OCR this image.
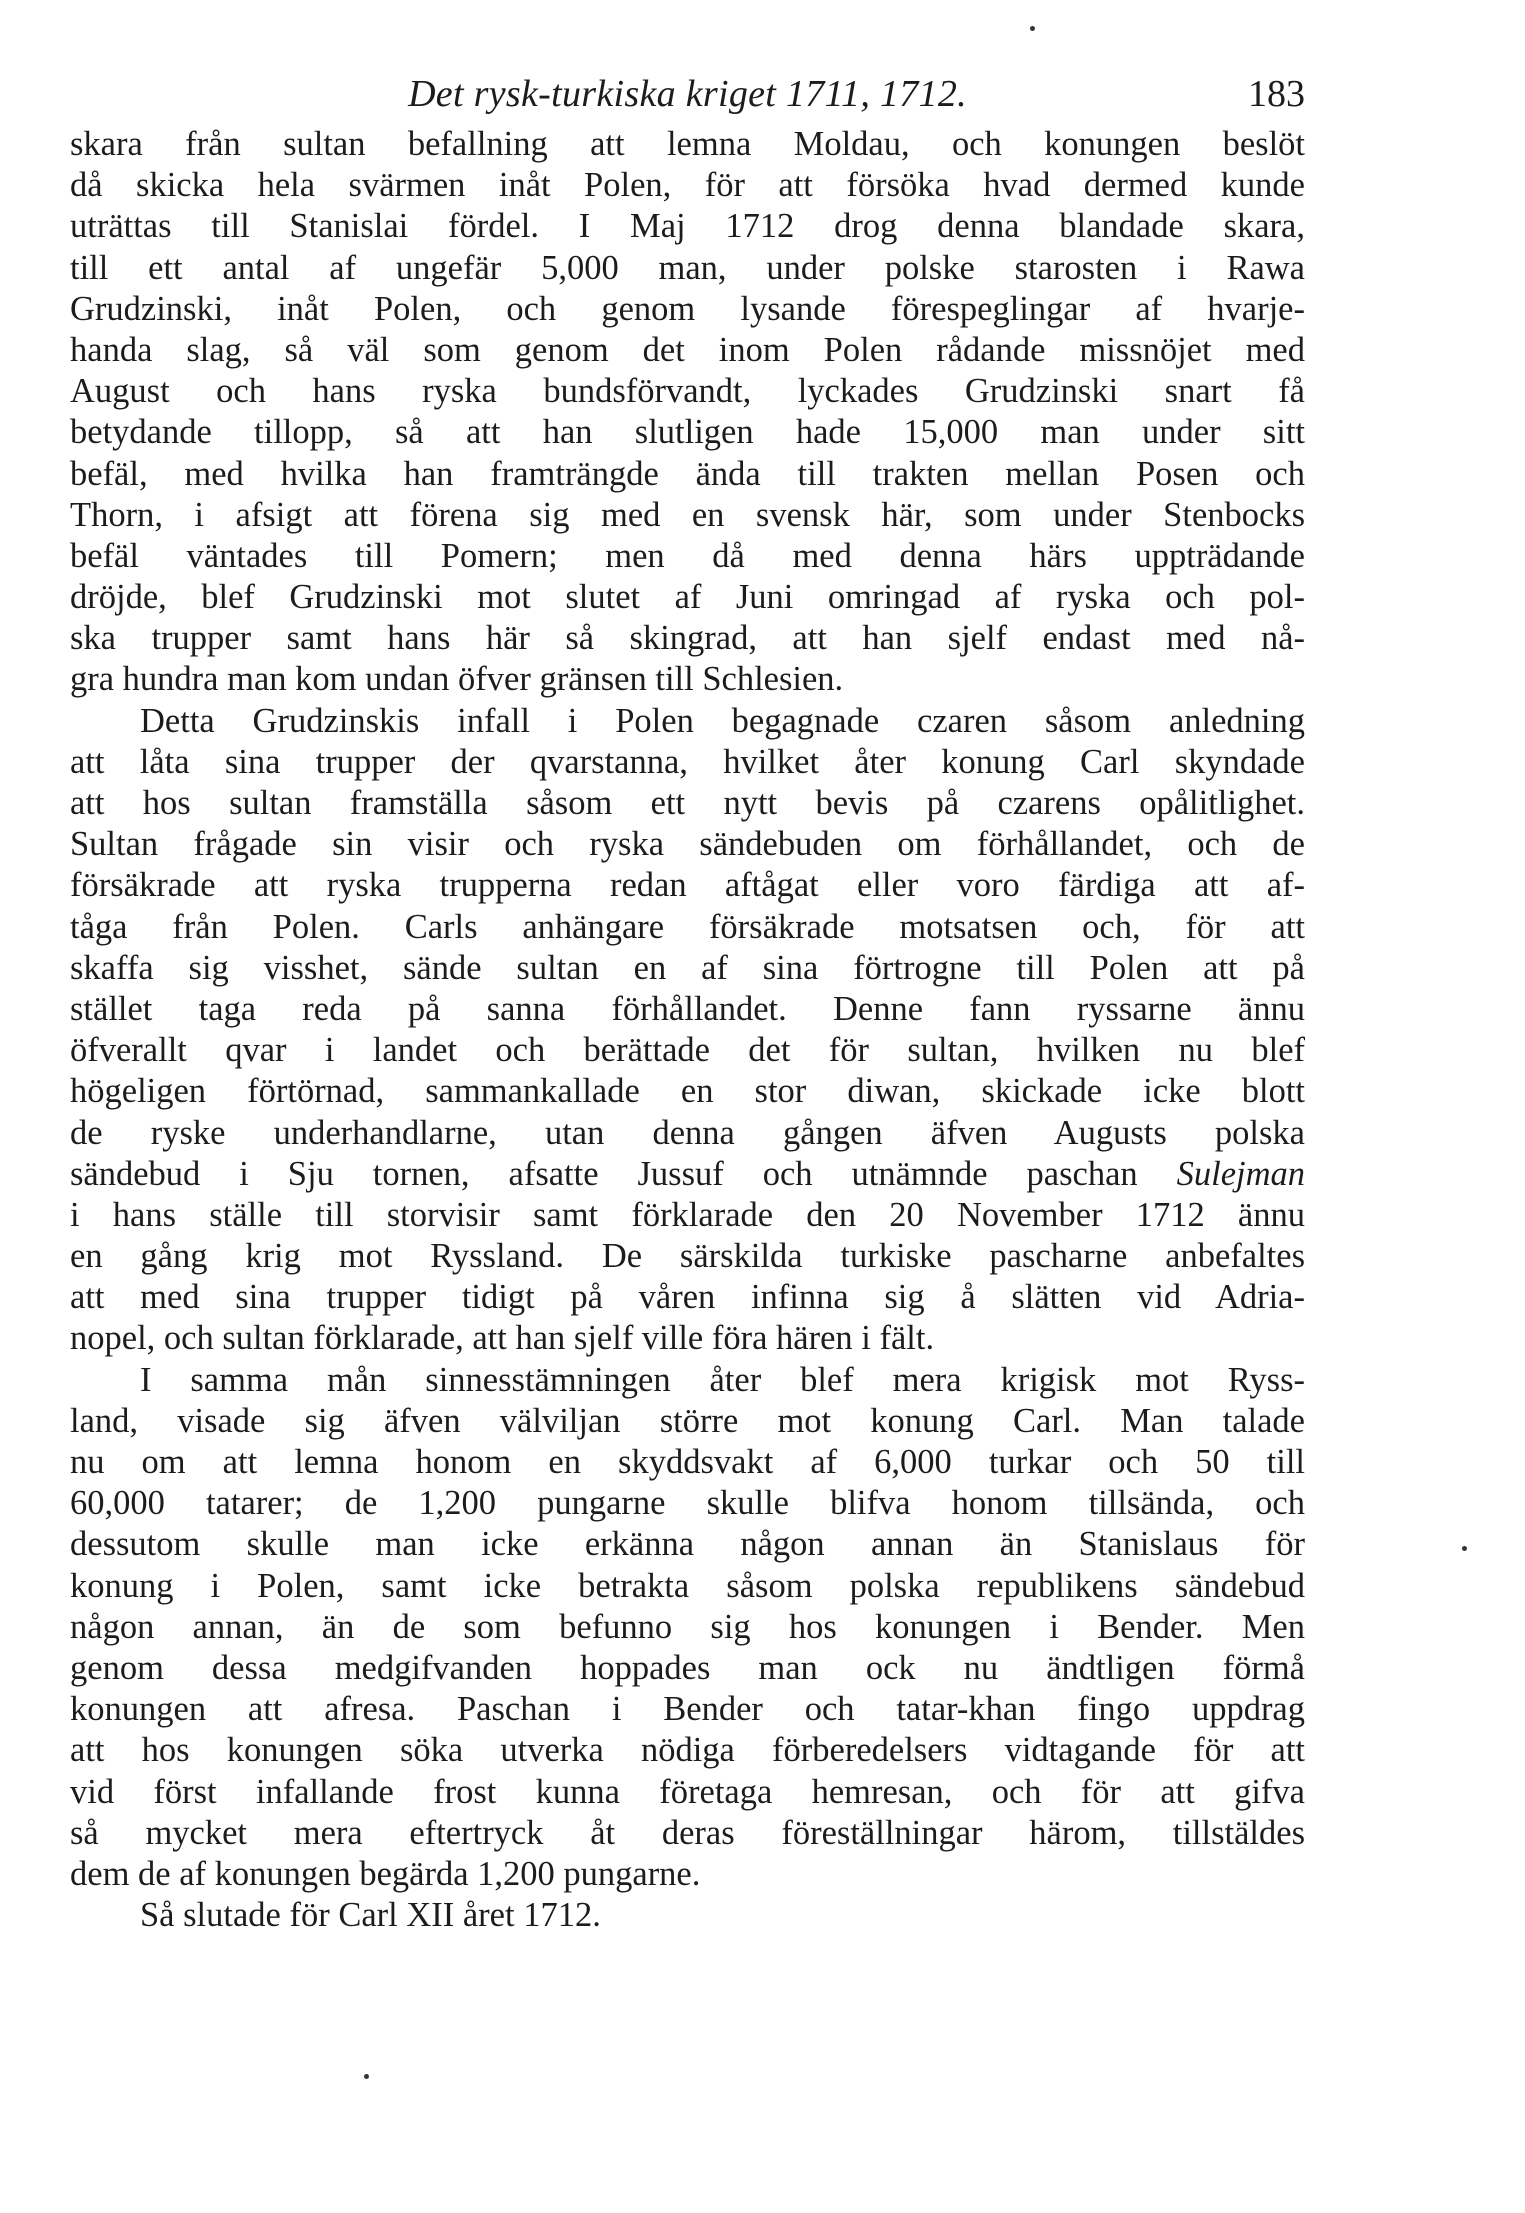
Det rysk-turkiska kriget 1711, 1712.	183
skara från sultan befallning att lemna Moldau, och konungen beslöt
då skicka hela svärmen inåt Polen, för att försöka hvad dermed kunde
uträttas till Stanislai fördel. I Maj 1712 drog denna blandade skara,
till ett antal af ungefär 5,000 man, under polske starosten i Rawa
Grudzinski, inåt Polen, och genom lysande förespeglingar af hvarje-
handa slag, så väl som genom det inom Polen rådande missnöjet med
August och hans ryska bundsförvandt, lyckades Grudzinski snart få
betydande tillopp, så att han slutligen hade 15,000 man under sitt
befäl, med hvilka han framträngde ända till trakten mellan Posen och
Thorn, i afsigt att förena sig med en svensk här, som under Stenbocks
befäl väntades till Pomern; men då med denna härs uppträdande
dröjde, blef Grudzinski mot slutet af Juni omringad af ryska och pol-
ska trupper samt hans här så skingrad, att han sjelf endast med nå-
gra hundra man kom undan öfver gränsen till Schlesien.
Detta Grudzinskis infall i Polen begagnade czaren såsom anledning
att låta sina trupper der qvarstanna, hvilket åter konung Carl skyndade
att hos sultan framställa såsom ett nytt bevis på czarens opålitlighet.
Sultan frågade sin visir och ryska sändebuden om förhållandet, och de
försäkrade att ryska trupperna redan aftågat eller voro färdiga att af-
tåga från Polen. Carls anhängare försäkrade motsatsen och, för att
skaffa sig visshet, sände sultan en af sina förtrogne till Polen att på
stället taga reda på sanna förhållandet. Denne fann ryssarne ännu
öfverallt qvar i landet och berättade det för sultan, hvilken nu blef
högeligen förtörnad, sammankallade en stor diwan, skickade icke blott
de ryske underhandlarne, utan denna gången äfven Augusts polska
sändebud i Sju tornen, afsatte Jussuf och utnämnde paschan Sulejman
i hans ställe till storvisir samt förklarade den 20 November 1712 ännu
en gång krig mot Ryssland. De särskilda turkiske pascharne anbefaltes
att med sina trupper tidigt på våren infinna sig å slätten vid Adria-
nopel, och sultan förklarade, att han sjelf ville föra hären i fält.
I samma mån sinnesstämningen åter blef mera krigisk mot Ryss-
land, visade sig äfven välviljan större mot konung Carl. Man talade
nu om att lemna honom en skyddsvakt af 6,000 turkar och 50 till
60,000 tatarer; de 1,200 pungarne skulle blifva honom tillsända, och
dessutom skulle man icke erkänna någon annan än Stanislaus för
konung i Polen, samt icke betrakta såsom polska republikens sändebud
någon annan, än de som befunno sig hos konungen i Bender. Men
genom dessa medgifvanden hoppades man ock nu ändtligen förmå
konungen att afresa. Paschan i Bender och tatar-khan fingo uppdrag
att hos konungen söka utverka nödiga förberedelsers vidtagande för att
vid först infallande frost kunna företaga hemresan, och för att gifva
så mycket mera eftertryck åt deras föreställningar härom, tillstäldes
dem de af konungen begärda 1,200 pungarne.
Så slutade för Carl XII året 1712.
